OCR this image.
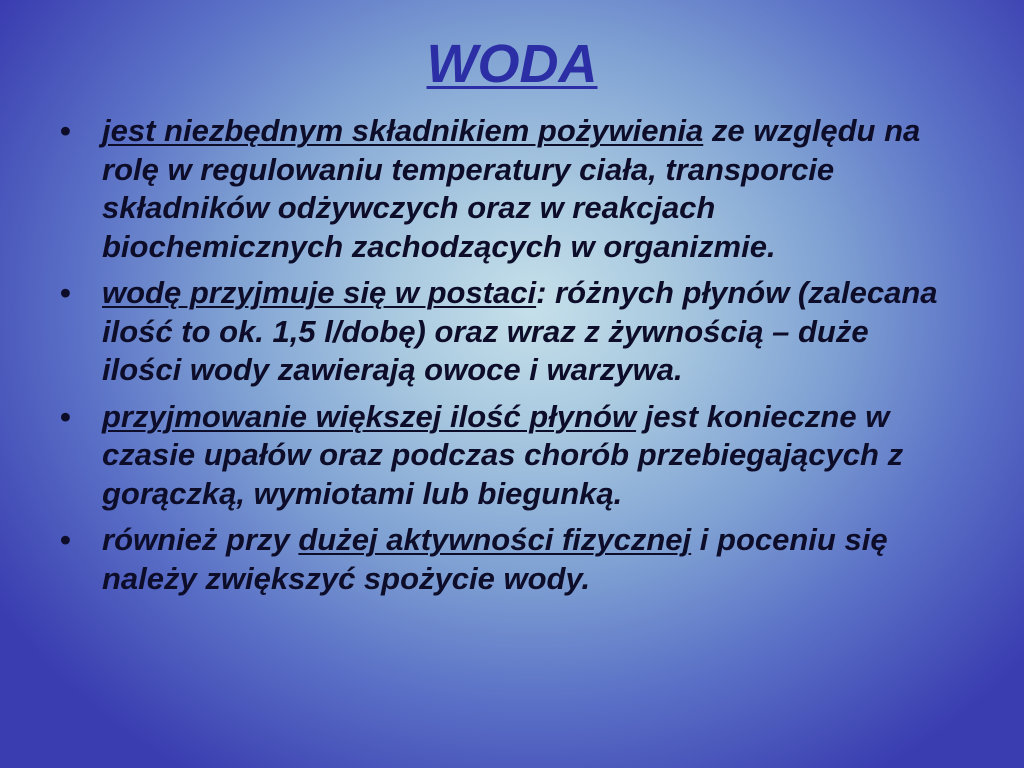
WODA
• jest niezbędnym składnikiem pożywienia ze względu na rolę w regulowaniu temperatury ciała, transporcie składników odżywczych oraz w reakcjach biochemicznych zachodzących w organizmie.
• wodę przyjmuje się w postaci: różnych płynów (zalecana ilość to ok. 1,5 l/dobę) oraz wraz z żywnością – duże ilości wody zawierają owoce i warzywa.
• przyjmowanie większej ilość płynów jest konieczne w czasie upałów oraz podczas chorób przebiegających z gorączką, wymiotami lub biegunką.
• również przy dużej aktywności fizycznej i poceniu się należy zwiększyć spożycie wody.
